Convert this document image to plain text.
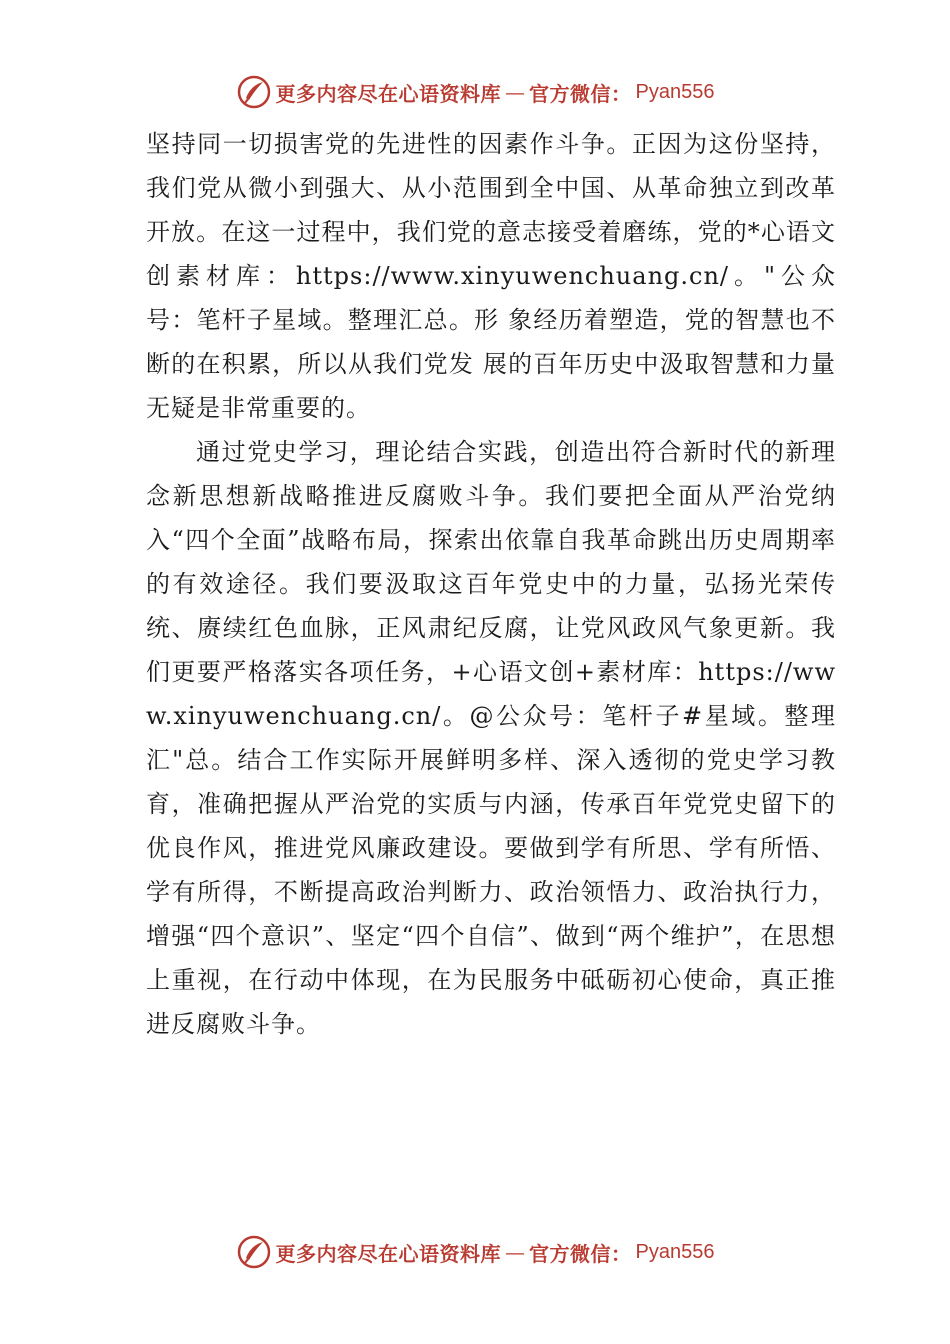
更多内容尽在心语资料库 — 官方微信： Pyan556

坚持同一切损害党的先进性的因素作斗争。正因为这份坚持， 我们党从微小到强大、从小范围到全中国、从革命独立到改革开放。在这一过程中，我们党的意志接受着磨练，党的*心语文创素材库：https://www.xinyuwenchuang.cn/。"公众号：笔杆子星域。整理汇总。形 象经历着塑造，党的智慧也不断的在积累，所以从我们党发 展的百年历史中汲取智慧和力量无疑是非常重要的。

通过党史学习，理论结合实践，创造出符合新时代的新理念新思想新战略推进反腐败斗争。我们要把全面从严治党纳入“四个全面”战略布局，探索出依靠自我革命跳出历史周期率的有效途径。我们要汲取这百年党史中的力量，弘扬光荣传统、赓续红色血脉，正风肃纪反腐，让党风政风气象更新。我们更要严格落实各项任务，+心语文创+素材库：https://www.xinyuwenchuang.cn/。@公众号：笔杆子#星域。整理汇"总。结合工作实际开展鲜明多样、深入透彻的党史学习教育，准确把握从严治党的实质与内涵，传承百年党党史留下的优良作风，推进党风廉政建设。要做到学有所思、学有所悟、学有所得，不断提高政治判断力、政治领悟力、政治执行力，增强“四个意识”、坚定“四个自信”、做到“两个维护”，在思想上重视，在行动中体现，在为民服务中砥砺初心使命，真正推进反腐败斗争。

更多内容尽在心语资料库 — 官方微信： Pyan556
